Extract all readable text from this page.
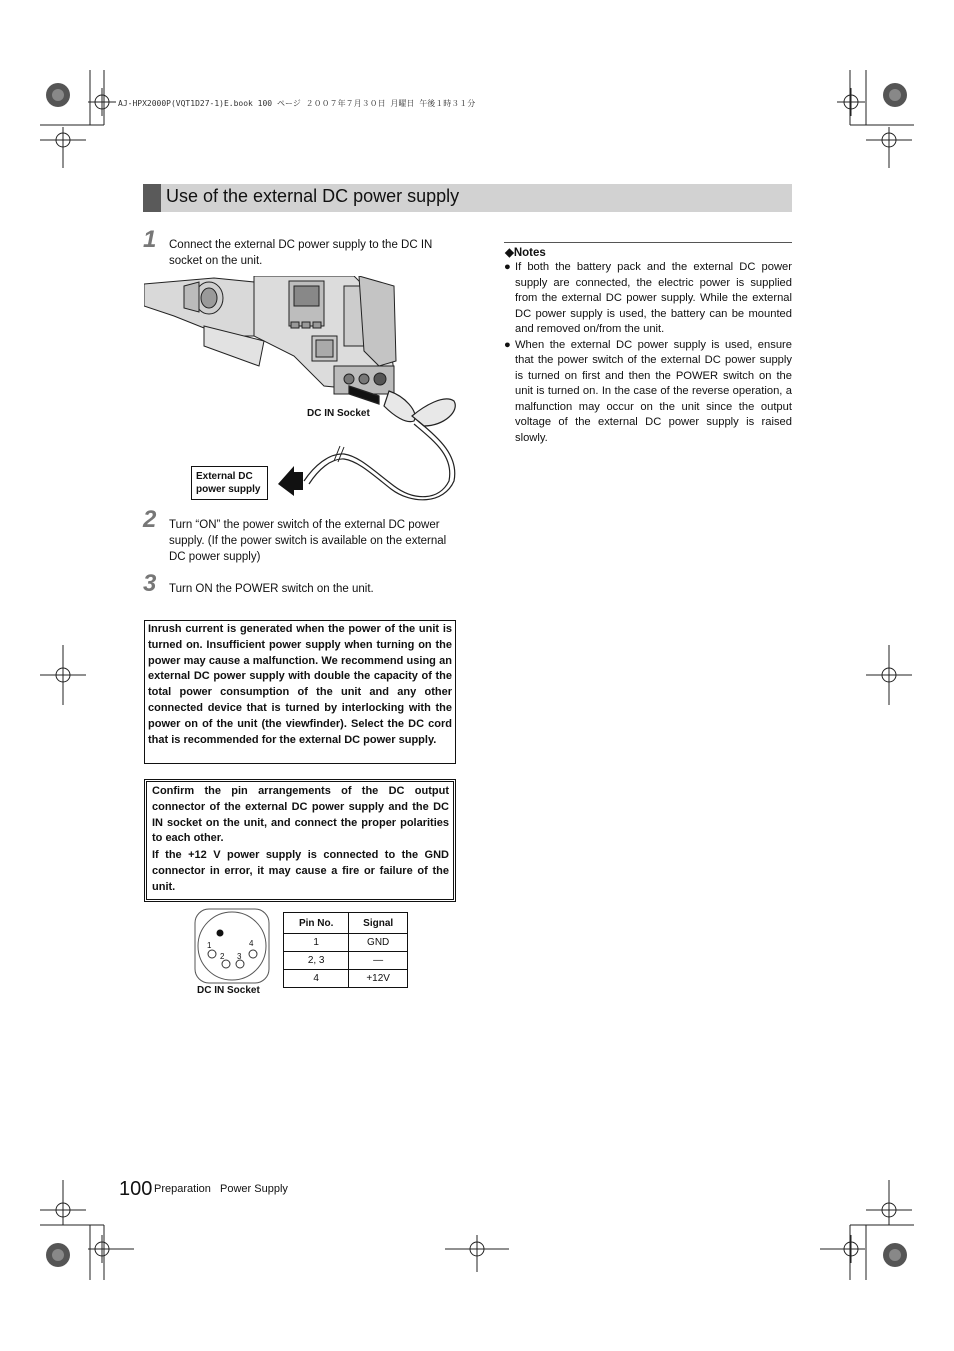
AJ-HPX2000P(VQT1D27-1)E.book 100 ページ ２００７年７月３０日 月曜日 午後１時３１分
Use of the external DC power supply
1 Connect the external DC power supply to the DC IN socket on the unit.
DC IN Socket
External DC power supply
2 Turn “ON” the power switch of the external DC power supply. (If the power switch is available on the external DC power supply)
3 Turn ON the POWER switch on the unit.
Inrush current is generated when the power of the unit is turned on. Insufficient power supply when turning on the power may cause a malfunction. We recommend using an external DC power supply with double the capacity of the total power consumption of the unit and any other connected device that is turned by interlocking with the power on of the unit (the viewfinder). Select the DC cord that is recommended for the external DC power supply.
Confirm the pin arrangements of the DC output connector of the external DC power supply and the DC IN socket on the unit, and connect the proper polarities to each other.
If the +12 V power supply is connected to the GND connector in error, it may cause a fire or failure of the unit.
1
2 3
4
DC IN Socket
Pin No.	Signal
1	GND
2, 3	—
4	+12V
◆Notes
● If both the battery pack and the external DC power supply are connected, the electric power is supplied from the external DC power supply. While the external DC power supply is used, the battery can be mounted and removed on/from the unit.
● When the external DC power supply is used, ensure that the power switch of the external DC power supply is turned on first and then the POWER switch on the unit is turned on. In the case of the reverse operation, a malfunction may occur on the unit since the output voltage of the external DC power supply is raised slowly.
100 Preparation   Power Supply
